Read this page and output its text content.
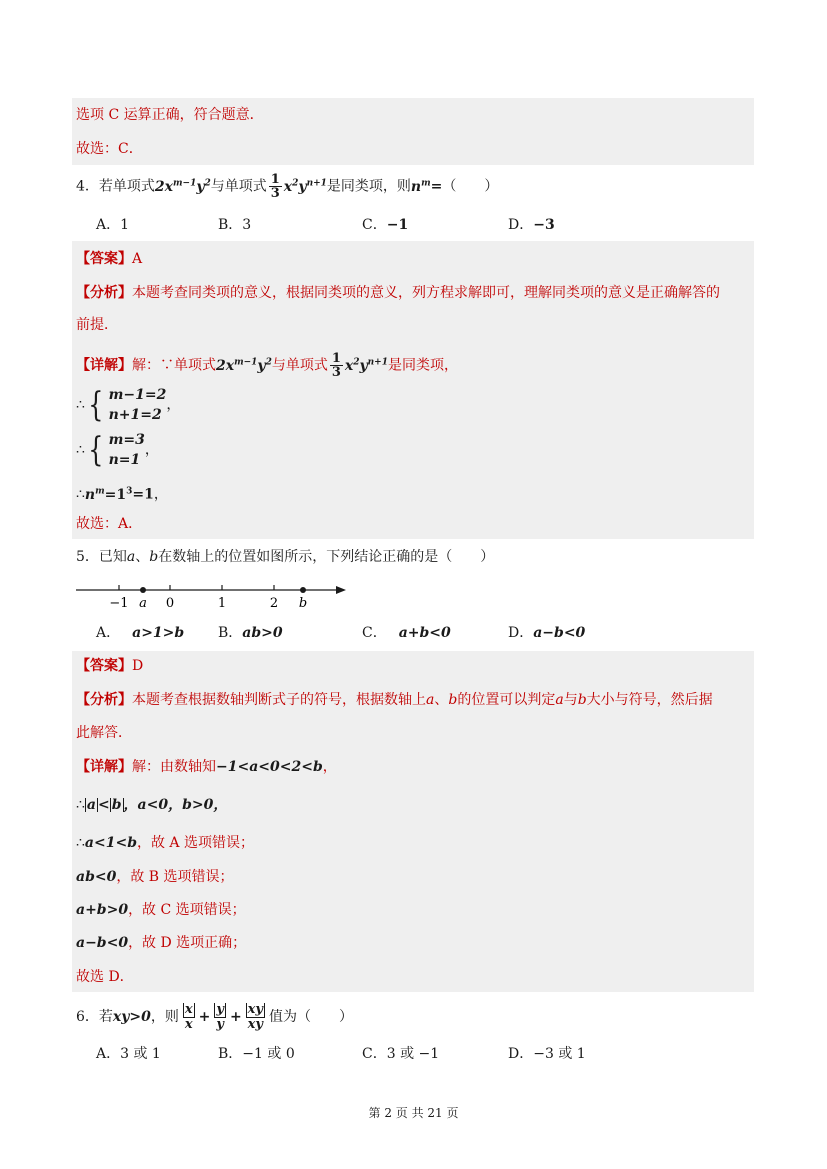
选项 C 运算正确，符合题意．
故选：C．
4．若单项式$2x^{m-1}y^2$与单项式 $\frac{1}{3} x^2y^{n+1}$是同类项，则$n^m=$（　　）
A．1	B．3	C．−1	D．−3
【答案】A
【分析】本题考查同类项的意义，根据同类项的意义，列方程求解即可，理解同类项的意义是正确解答的
前提．
【详解】解：∵单项式$2x^{m-1}y^2$与单项式 $\frac{1}{3} x^2y^{n+1}$是同类项，
∴ { m−1=2
n+1=2
，
∴ { m=3
n=1
，
$\therefore n^m=1^3=1$，
故选：A．
5．已知a、b在数轴上的位置如图所示，下列结论正确的是（　　）
−1	0	1	2
a	b
A． a>1>b B．ab>0	C． a+b<0	D．a−b<0
【答案】D
【分析】本题考查根据数轴判断式子的符号，根据数轴上a、b的位置可以判定a与b大小与符号，然后据
此解答．
【详解】解：由数轴知−1<a<0<2<b，
∴ a < b ，a<0，b>0，
∴a<1<b，故 A 选项错误；
ab<0，故 B 选项错误；
a+b>0，故 C 选项错误；
a−b<0，故 D 选项正确；
故选 D．
6．若xy>0，则 $\frac{x}{x} + \frac{y}{y} + \frac{xy}{xy}$ 值为（　　）
A．3 或 1	B．−1 或 0	C．3 或 −1	D．−3 或 1
第 2 页 共 21 页
